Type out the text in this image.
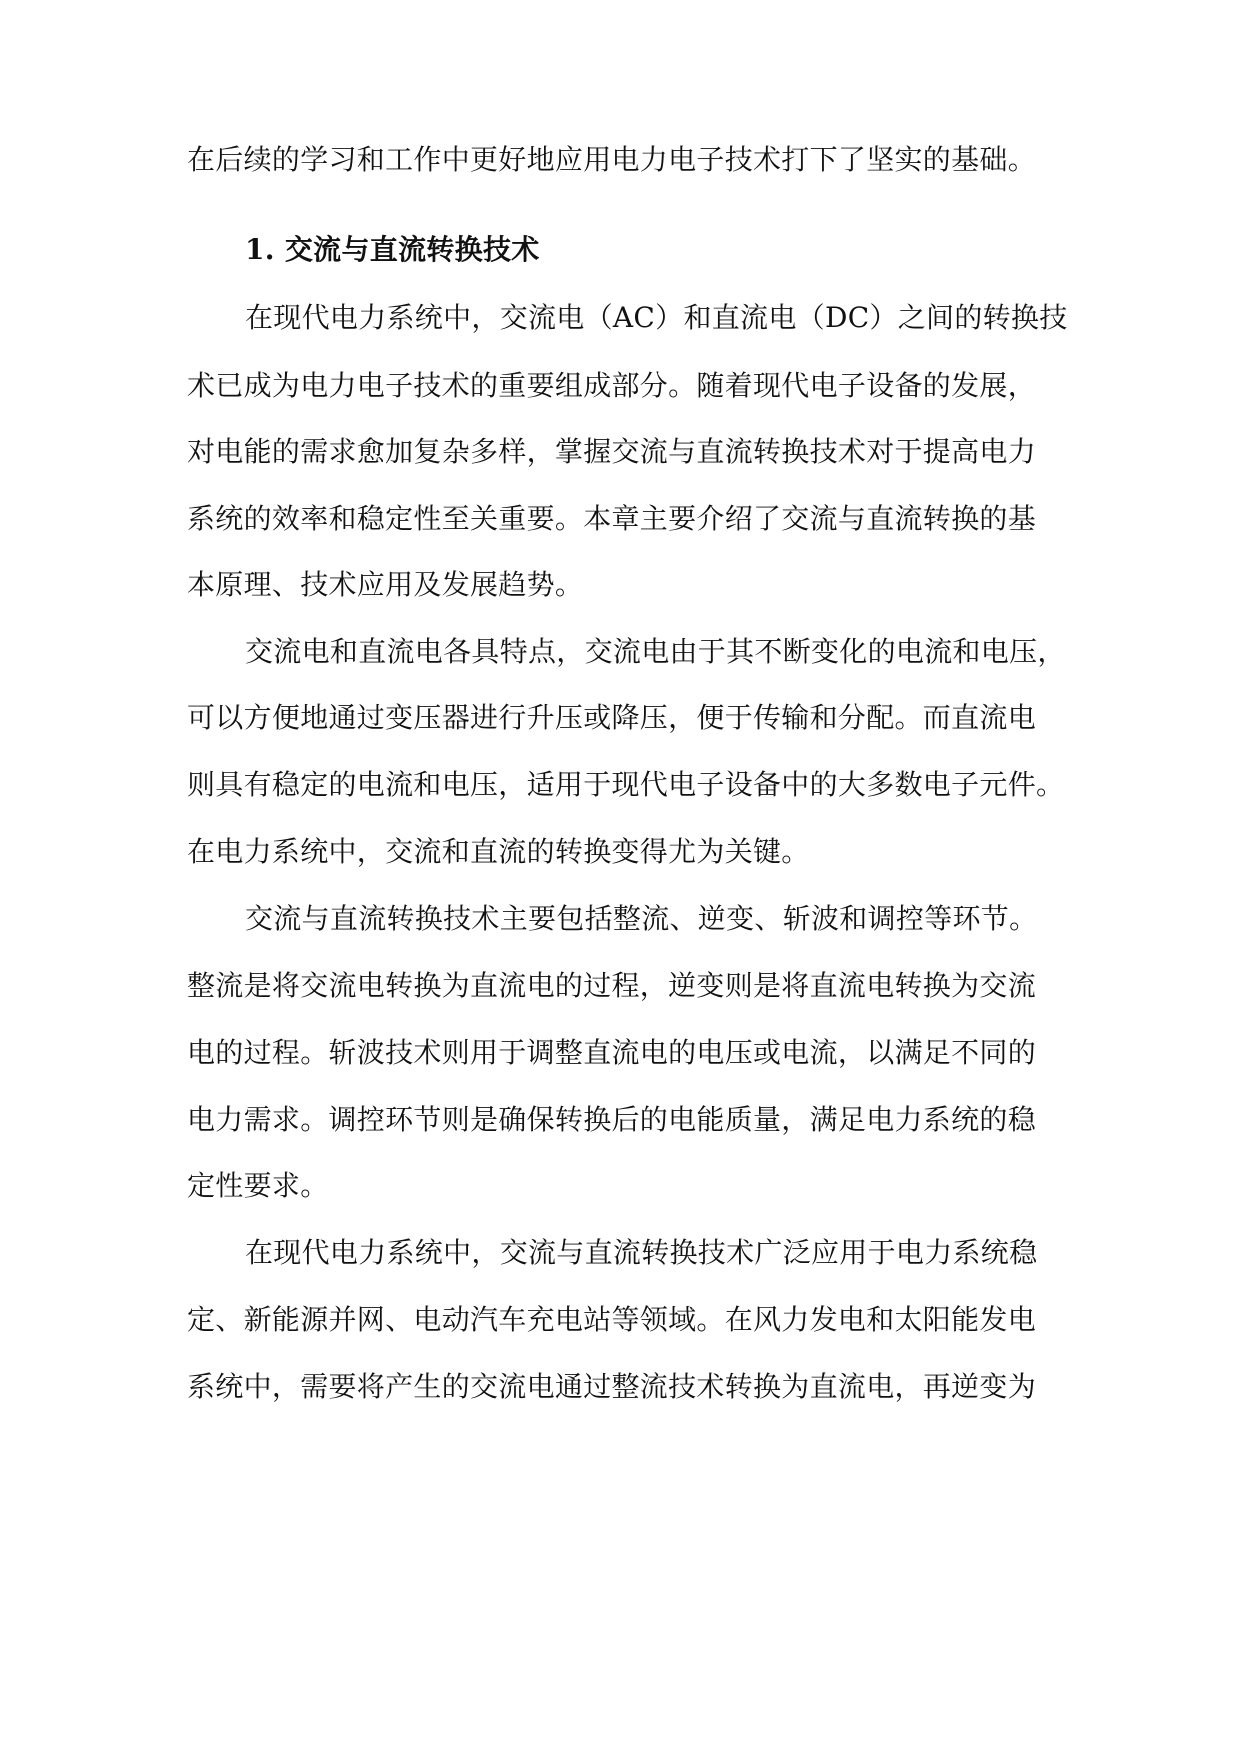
在后续的学习和工作中更好地应用电力电子技术打下了坚实的基础。
1. 交流与直流转换技术
在现代电力系统中，交流电（AC）和直流电（DC）之间的转换技
术已成为电力电子技术的重要组成部分。随着现代电子设备的发展，
对电能的需求愈加复杂多样，掌握交流与直流转换技术对于提高电力
系统的效率和稳定性至关重要。本章主要介绍了交流与直流转换的基
本原理、技术应用及发展趋势。
交流电和直流电各具特点，交流电由于其不断变化的电流和电压，
可以方便地通过变压器进行升压或降压，便于传输和分配。而直流电
则具有稳定的电流和电压，适用于现代电子设备中的大多数电子元件。
在电力系统中，交流和直流的转换变得尤为关键。
交流与直流转换技术主要包括整流、逆变、斩波和调控等环节。
整流是将交流电转换为直流电的过程，逆变则是将直流电转换为交流
电的过程。斩波技术则用于调整直流电的电压或电流，以满足不同的
电力需求。调控环节则是确保转换后的电能质量，满足电力系统的稳
定性要求。
在现代电力系统中，交流与直流转换技术广泛应用于电力系统稳
定、新能源并网、电动汽车充电站等领域。在风力发电和太阳能发电
系统中，需要将产生的交流电通过整流技术转换为直流电，再逆变为
